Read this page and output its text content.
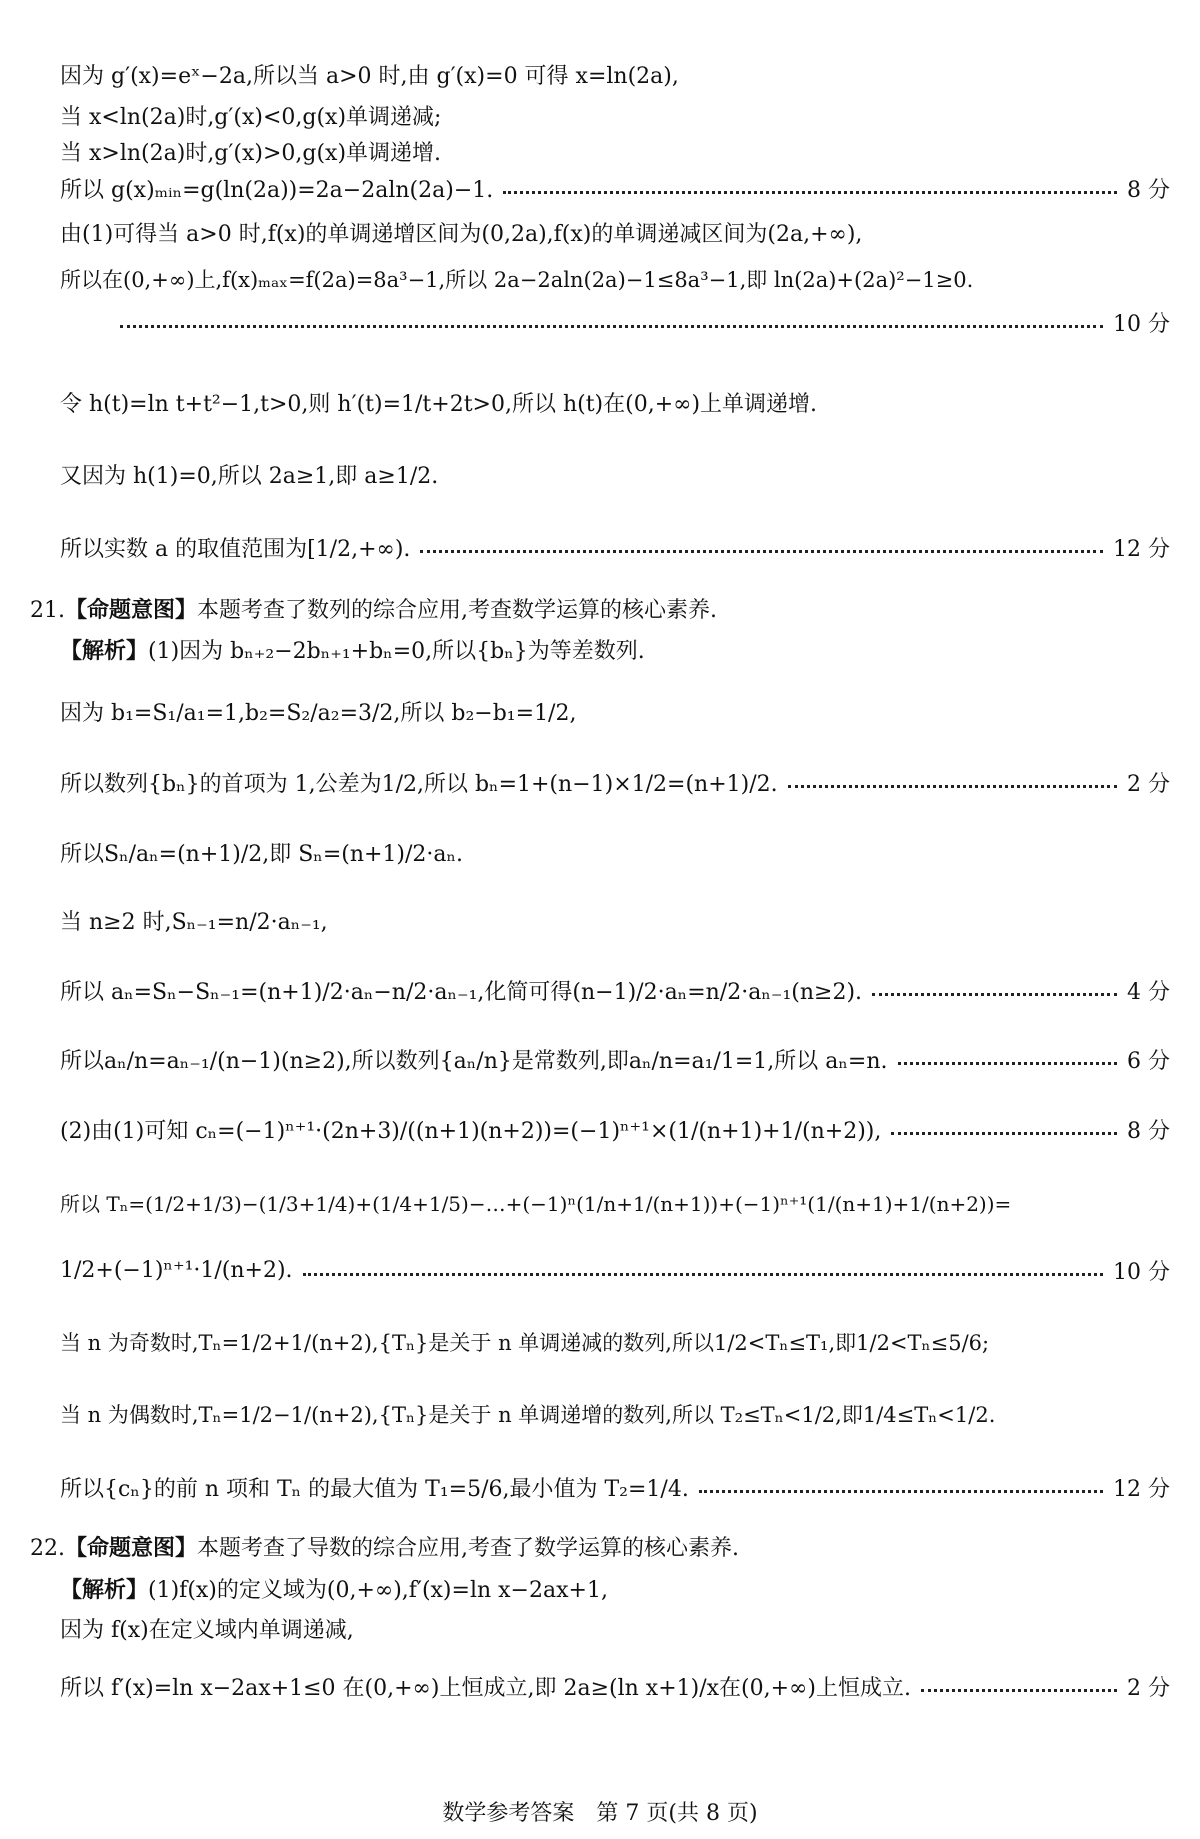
因为 g′(x)=eˣ−2a,所以当 a>0 时,由 g′(x)=0 可得 x=ln(2a),
当 x<ln(2a)时,g′(x)<0,g(x)单调递减;
当 x>ln(2a)时,g′(x)>0,g(x)单调递增.
所以 g(x)ₘᵢₙ=g(ln(2a))=2a−2aln(2a)−1.	8 分
由(1)可得当 a>0 时,f(x)的单调递增区间为(0,2a),f(x)的单调递减区间为(2a,+∞),
所以在(0,+∞)上,f(x)ₘₐₓ=f(2a)=8a³−1,所以 2a−2aln(2a)−1≤8a³−1,即 ln(2a)+(2a)²−1≥0.
10 分
令 h(t)=ln t+t²−1,t>0,则 h′(t)=1/t+2t>0,所以 h(t)在(0,+∞)上单调递增.
又因为 h(1)=0,所以 2a≥1,即 a≥1/2.
所以实数 a 的取值范围为[1/2,+∞).	12 分
21.【命题意图】本题考查了数列的综合应用,考查数学运算的核心素养.
【解析】(1)因为 bₙ₊₂−2bₙ₊₁+bₙ=0,所以{bₙ}为等差数列.
因为 b₁=S₁/a₁=1,b₂=S₂/a₂=3/2,所以 b₂−b₁=1/2,
所以数列{bₙ}的首项为 1,公差为1/2,所以 bₙ=1+(n−1)×1/2=(n+1)/2.	2 分
所以Sₙ/aₙ=(n+1)/2,即 Sₙ=(n+1)/2·aₙ.
当 n≥2 时,Sₙ₋₁=n/2·aₙ₋₁,
所以 aₙ=Sₙ−Sₙ₋₁=(n+1)/2·aₙ−n/2·aₙ₋₁,化简可得(n−1)/2·aₙ=n/2·aₙ₋₁(n≥2).	4 分
所以aₙ/n=aₙ₋₁/(n−1)(n≥2),所以数列{aₙ/n}是常数列,即aₙ/n=a₁/1=1,所以 aₙ=n.	6 分
(2)由(1)可知 cₙ=(−1)ⁿ⁺¹·(2n+3)/((n+1)(n+2))=(−1)ⁿ⁺¹×(1/(n+1)+1/(n+2)),	8 分
所以 Tₙ=(1/2+1/3)−(1/3+1/4)+(1/4+1/5)−…+(−1)ⁿ(1/n+1/(n+1))+(−1)ⁿ⁺¹(1/(n+1)+1/(n+2))=
1/2+(−1)ⁿ⁺¹·1/(n+2).	10 分
当 n 为奇数时,Tₙ=1/2+1/(n+2),{Tₙ}是关于 n 单调递减的数列,所以1/2<Tₙ≤T₁,即1/2<Tₙ≤5/6;
当 n 为偶数时,Tₙ=1/2−1/(n+2),{Tₙ}是关于 n 单调递增的数列,所以 T₂≤Tₙ<1/2,即1/4≤Tₙ<1/2.
所以{cₙ}的前 n 项和 Tₙ 的最大值为 T₁=5/6,最小值为 T₂=1/4.	12 分
22.【命题意图】本题考查了导数的综合应用,考查了数学运算的核心素养.
【解析】(1)f(x)的定义域为(0,+∞),f′(x)=ln x−2ax+1,
因为 f(x)在定义域内单调递减,
所以 f′(x)=ln x−2ax+1≤0 在(0,+∞)上恒成立,即 2a≥(ln x+1)/x在(0,+∞)上恒成立.	2 分
数学参考答案　第 7 页(共 8 页)
